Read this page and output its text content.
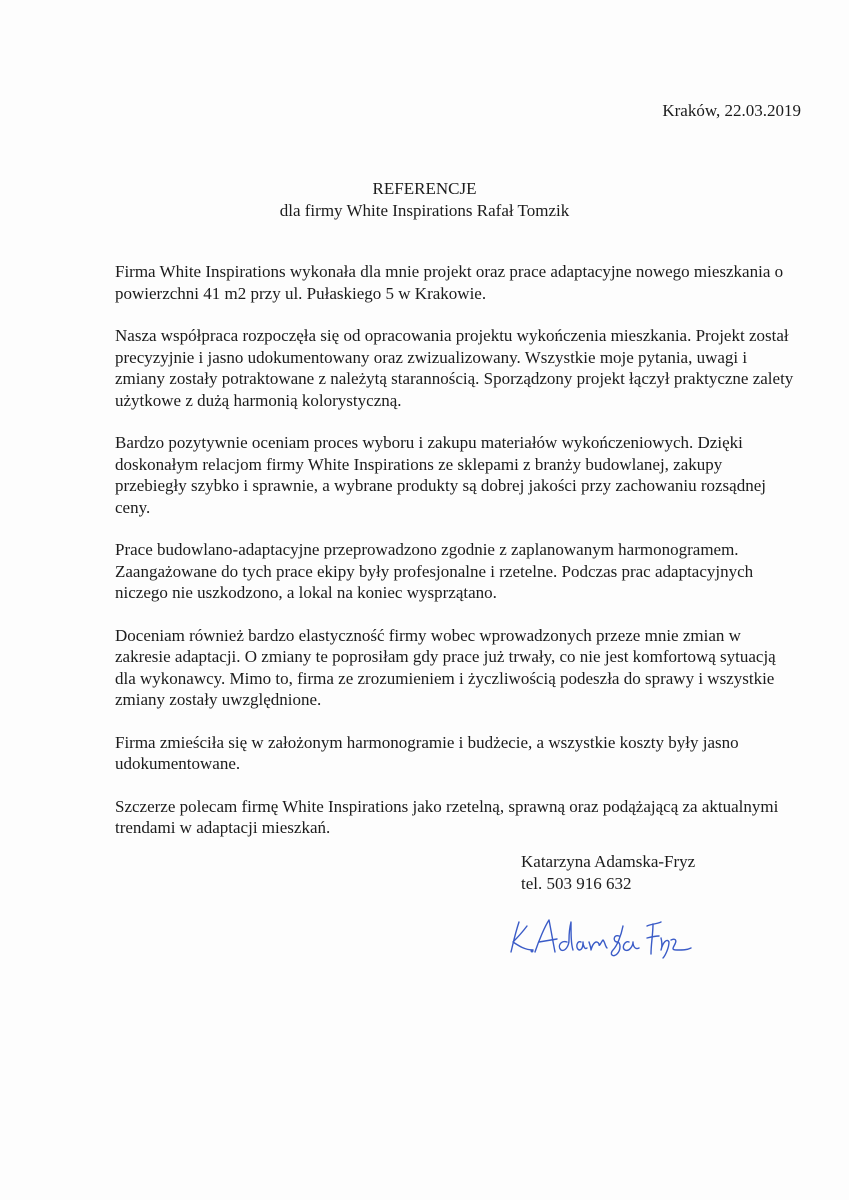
Kraków, 22.03.2019
REFERENCJE
dla firmy White Inspirations Rafał Tomzik

Firma White Inspirations wykonała dla mnie projekt oraz prace adaptacyjne nowego mieszkania o
powierzchni 41 m2 przy ul. Pułaskiego 5 w Krakowie.

Nasza współpraca rozpoczęła się od opracowania projektu wykończenia mieszkania. Projekt został
precyzyjnie i jasno udokumentowany oraz zwizualizowany. Wszystkie moje pytania, uwagi i
zmiany zostały potraktowane z należytą starannością. Sporządzony projekt łączył praktyczne zalety
użytkowe z dużą harmonią kolorystyczną.

Bardzo pozytywnie oceniam proces wyboru i zakupu materiałów wykończeniowych. Dzięki
doskonałym relacjom firmy White Inspirations ze sklepami z branży budowlanej, zakupy
przebiegły szybko i sprawnie, a wybrane produkty są dobrej jakości przy zachowaniu rozsądnej
ceny.

Prace budowlano-adaptacyjne przeprowadzono zgodnie z zaplanowanym harmonogramem.
Zaangażowane do tych prace ekipy były profesjonalne i rzetelne. Podczas prac adaptacyjnych
niczego nie uszkodzono, a lokal na koniec wysprzątano.

Doceniam również bardzo elastyczność firmy wobec wprowadzonych przeze mnie zmian w
zakresie adaptacji. O zmiany te poprosiłam gdy prace już trwały, co nie jest komfortową sytuacją
dla wykonawcy. Mimo to, firma ze zrozumieniem i życzliwością podeszła do sprawy i wszystkie
zmiany zostały uwzględnione.

Firma zmieściła się w założonym harmonogramie i budżecie, a wszystkie koszty były jasno
udokumentowane.

Szczerze polecam firmę White Inspirations jako rzetelną, sprawną oraz podążającą za aktualnymi
trendami w adaptacji mieszkań.

Katarzyna Adamska-Fryz
tel. 503 916 632
